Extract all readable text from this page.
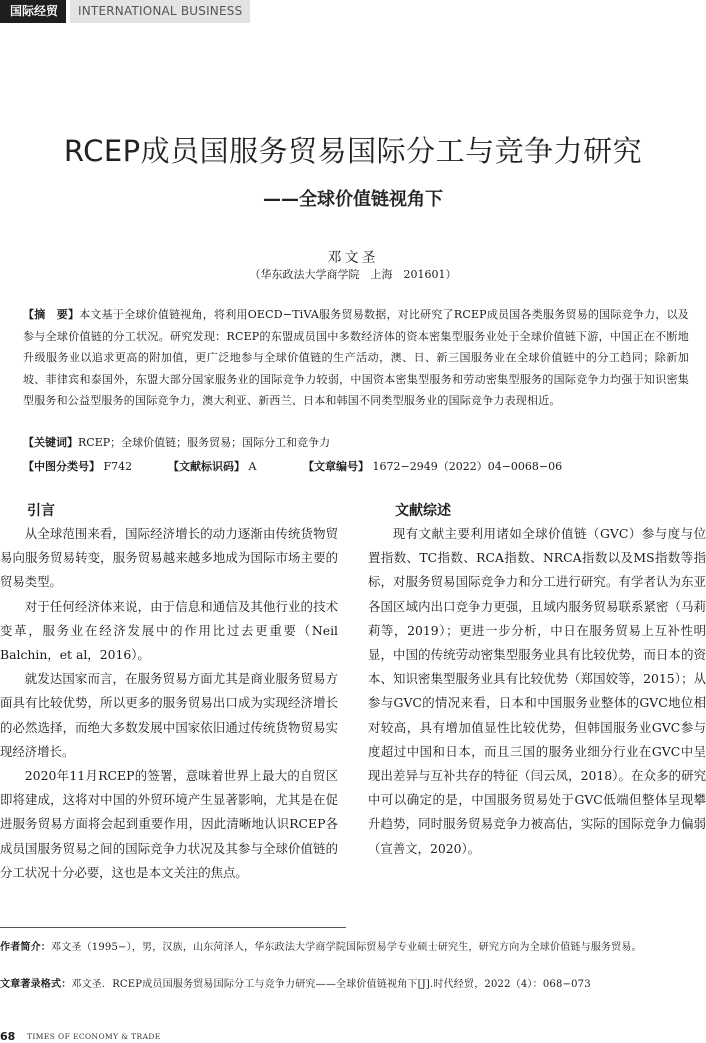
国际经贸	INTERNATIONAL BUSINESS
RCEP成员国服务贸易国际分工与竞争力研究
——全球价值链视角下
邓文圣
（华东政法大学商学院　上海　201601）
【摘　要】本文基于全球价值链视角，将利用OECD−TiVA服务贸易数据，对比研究了RCEP成员国各类服务贸易的国际竞争力，以及参与全球价值链的分工状况。研究发现：RCEP的东盟成员国中多数经济体的资本密集型服务业处于全球价值链下游，中国正在不断地升级服务业以追求更高的附加值，更广泛地参与全球价值链的生产活动，澳、日、新三国服务业在全球价值链中的分工趋同；除新加坡、菲律宾和泰国外，东盟大部分国家服务业的国际竞争力较弱，中国资本密集型服务和劳动密集型服务的国际竞争力均强于知识密集型服务和公益型服务的国际竞争力，澳大利亚、新西兰、日本和韩国不同类型服务业的国际竞争力表现相近。
【关键词】RCEP；全球价值链；服务贸易；国际分工和竞争力
【中图分类号】 F742	【文献标识码】 A	【文章编号】 1672−2949（2022）04−0068−06
引言

从全球范围来看，国际经济增长的动力逐渐由传统货物贸易向服务贸易转变，服务贸易越来越多地成为国际市场主要的贸易类型。

对于任何经济体来说，由于信息和通信及其他行业的技术变革，服务业在经济发展中的作用比过去更重要（Neil Balchin，et al，2016）。

就发达国家而言，在服务贸易方面尤其是商业服务贸易方面具有比较优势，所以更多的服务贸易出口成为实现经济增长的必然选择，而绝大多数发展中国家依旧通过传统货物贸易实现经济增长。

2020年11月RCEP的签署，意味着世界上最大的自贸区即将建成，这将对中国的外贸环境产生显著影响，尤其是在促进服务贸易方面将会起到重要作用，因此清晰地认识RCEP各成员国服务贸易之间的国际竞争力状况及其参与全球价值链的分工状况十分必要，这也是本文关注的焦点。

文献综述

现有文献主要利用诸如全球价值链（GVC）参与度与位置指数、TC指数、RCA指数、NRCA指数以及MS指数等指标，对服务贸易国际竞争力和分工进行研究。有学者认为东亚各国区域内出口竞争力更强，且域内服务贸易联系紧密（马莉莉等，2019）；更进一步分析，中日在服务贸易上互补性明显，中国的传统劳动密集型服务业具有比较优势，而日本的资本、知识密集型服务业具有比较优势（郑国姣等，2015）；从参与GVC的情况来看，日本和中国服务业整体的GVC地位相对较高，具有增加值显性比较优势，但韩国服务业GVC参与度超过中国和日本，而且三国的服务业细分行业在GVC中呈现出差异与互补共存的特征（闫云凤，2018）。在众多的研究中可以确定的是，中国服务贸易处于GVC低端但整体呈现攀升趋势，同时服务贸易竞争力被高估，实际的国际竞争力偏弱（宣善文，2020）。

作者简介：邓文圣（1995−），男，汉族，山东菏泽人，华东政法大学商学院国际贸易学专业硕士研究生，研究方向为全球价值链与服务贸易。
文章著录格式：邓文圣．RCEP成员国服务贸易国际分工与竞争力研究——全球价值链视角下[J].时代经贸，2022（4）：068−073
68 TIMES OF ECONOMY & TRADE
